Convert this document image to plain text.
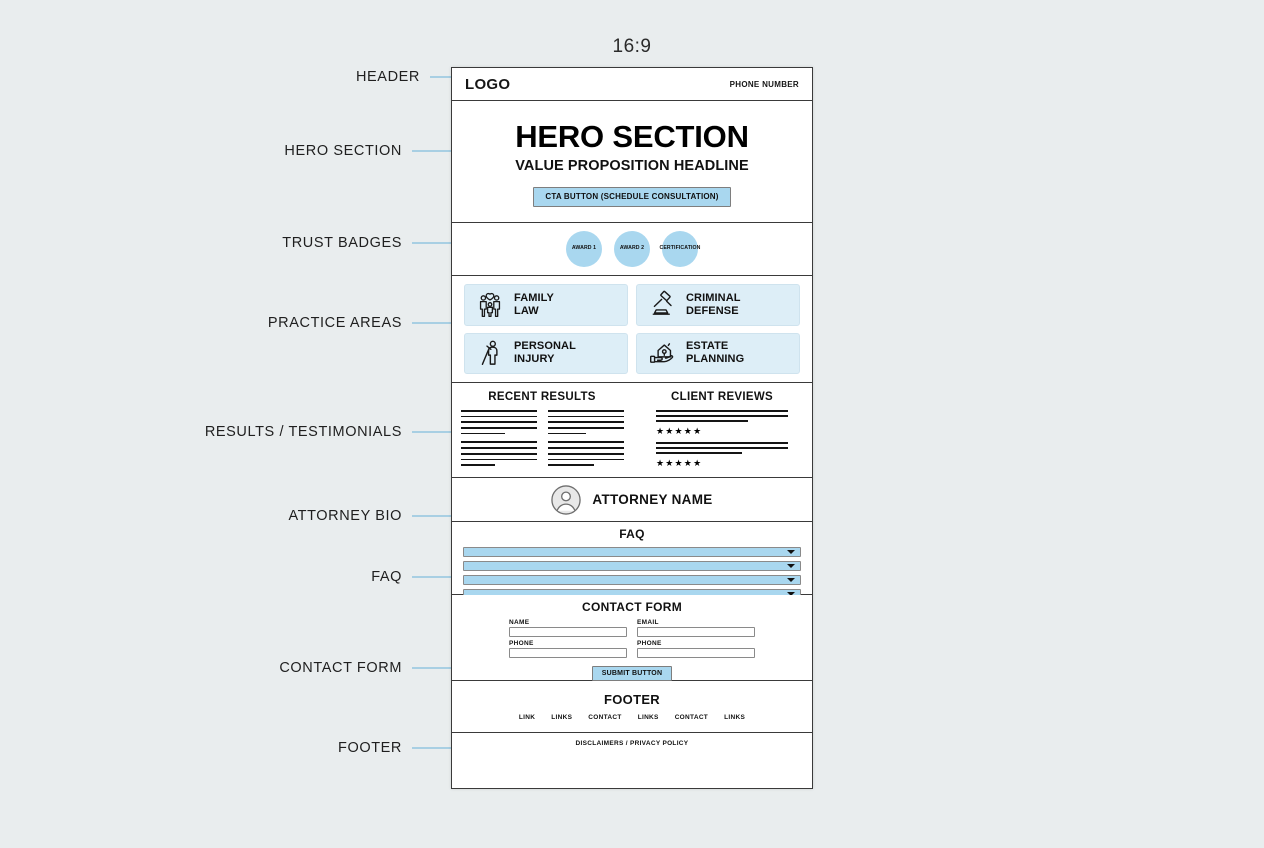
16:9
HEADER
HERO SECTION
TRUST BADGES
PRACTICE AREAS
RESULTS / TESTIMONIALS
ATTORNEY BIO
FAQ
CONTACT FORM
FOOTER
LOGO	PHONE NUMBER
HERO SECTION
VALUE PROPOSITION HEADLINE
CTA BUTTON (SCHEDULE CONSULTATION)
AWARD 1	AWARD 2	CERTIFICATION
FAMILY
LAW
CRIMINAL
DEFENSE
PERSONAL
INJURY
ESTATE
PLANNING
RECENT RESULTS	CLIENT REVIEWS
★★★★★
★★★★★
ATTORNEY NAME
FAQ
CONTACT FORM
NAME	EMAIL
PHONE	PHONE
SUBMIT BUTTON
FOOTER
LINK LINKS CONTACT LINKS CONTACT LINKS
DISCLAIMERS / PRIVACY POLICY
